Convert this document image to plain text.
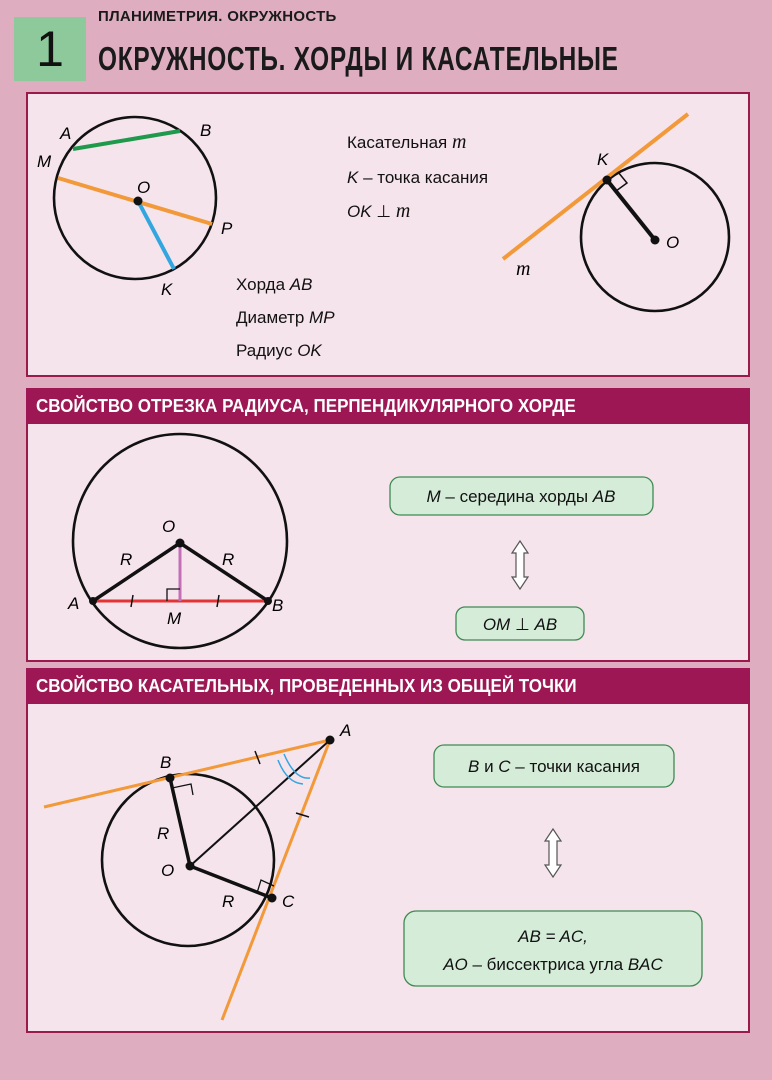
1
ПЛАНИМЕТРИЯ. ОКРУЖНОСТЬ
ОКРУЖНОСТЬ. ХОРДЫ И КАСАТЕЛЬНЫЕ
СВОЙСТВО ОТРЕЗКА РАДИУСА, ПЕРПЕНДИКУЛЯРНОГО ХОРДЕ
СВОЙСТВО КАСАТЕЛЬНЫХ, ПРОВЕДЕННЫХ ИЗ ОБЩЕЙ ТОЧКИ
A	B
M
O
P
K	Хорда AB
Диаметр MP
Радиус OK
Касательная m
K – точка касания
OK ⊥ m
K
O
m
O
R	R
A	B
M
M – середина хорды AB
OM ⊥ AB
A
B
C
O
R
R
B и C – точки касания
AB = AC,
AO – биссектриса угла BAC
